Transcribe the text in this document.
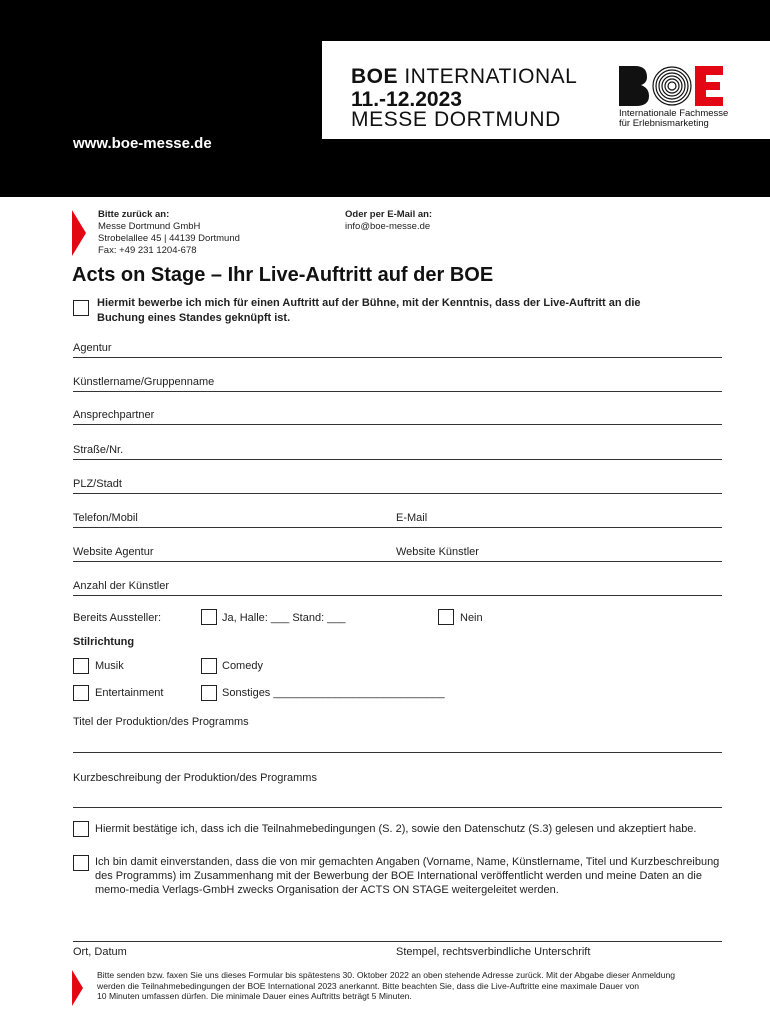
BOE INTERNATIONAL
11.-12.2023
MESSE DORTMUND	Internationale Fachmesse
für Erlebnismarketing
www.boe-messe.de
Bitte zurück an:
Messe Dortmund GmbH
Strobelallee 45 | 44139 Dortmund
Fax: +49 231 1204-678
Oder per E-Mail an:
info@boe-messe.de
Acts on Stage – Ihr Live-Auftritt auf der BOE
Hiermit bewerbe ich mich für einen Auftritt auf der Bühne, mit der Kenntnis, dass der Live-Auftritt an die
Buchung eines Standes geknüpft ist.
Agentur
Künstlername/Gruppenname
Ansprechpartner
Straße/Nr.
PLZ/Stadt
Telefon/Mobil	E-Mail
Website Agentur	Website Künstler
Anzahl der Künstler
Bereits Aussteller:	Ja, Halle: ___ Stand: ___	Nein
Stilrichtung
Musik	Comedy
Entertainment	Sonstiges ____________________________
Titel der Produktion/des Programms
Kurzbeschreibung der Produktion/des Programms
Hiermit bestätige ich, dass ich die Teilnahmebedingungen (S. 2), sowie den Datenschutz (S.3) gelesen und akzeptiert habe.
Ich bin damit einverstanden, dass die von mir gemachten Angaben (Vorname, Name, Künstlername, Titel und Kurzbeschreibung
des Programms) im Zusammenhang mit der Bewerbung der BOE International veröffentlicht werden und meine Daten an die
memo-media Verlags-GmbH zwecks Organisation der ACTS ON STAGE weitergeleitet werden.
Ort, Datum	Stempel, rechtsverbindliche Unterschrift
Bitte senden bzw. faxen Sie uns dieses Formular bis spätestens 30. Oktober 2022 an oben stehende Adresse zurück. Mit der Abgabe dieser Anmeldung
werden die Teilnahmebedingungen der BOE International 2023 anerkannt. Bitte beachten Sie, dass die Live-Auftritte eine maximale Dauer von
10 Minuten umfassen dürfen. Die minimale Dauer eines Auftritts beträgt 5 Minuten.
